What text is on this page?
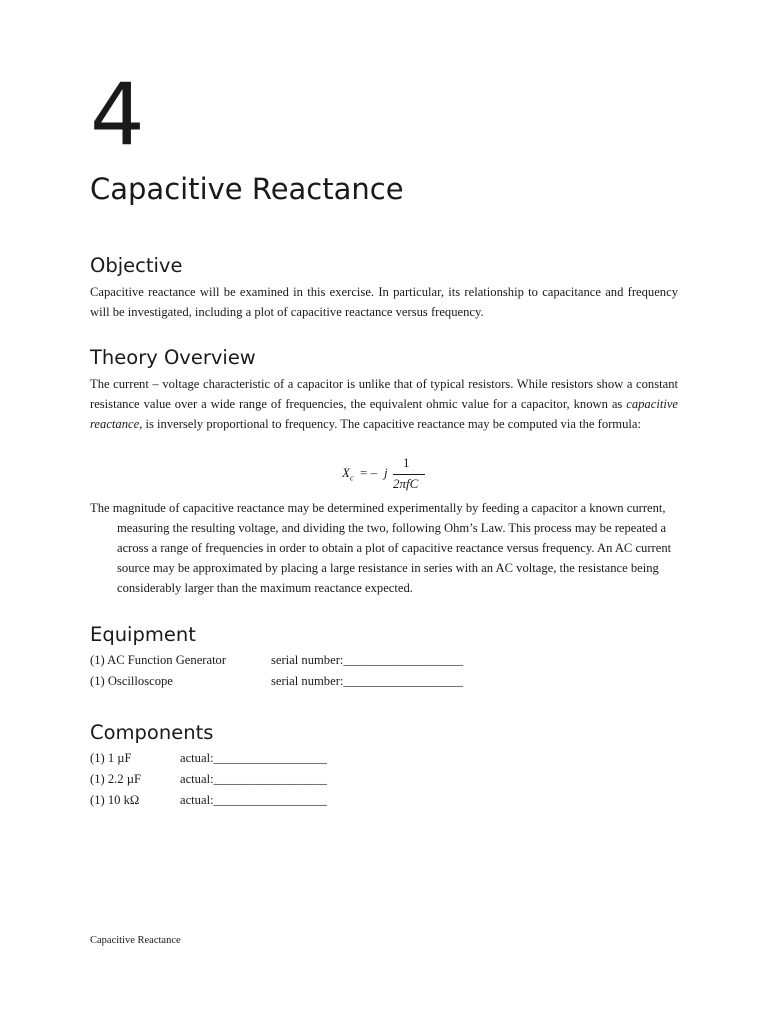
4
Capacitive Reactance
Objective

Capacitive reactance will be examined in this exercise. In particular, its relationship to capacitance and frequency will be investigated, including a plot of capacitive reactance versus frequency.

Theory Overview

The current – voltage characteristic of a capacitor is unlike that of typical resistors. While resistors show a constant resistance value over a wide range of frequencies, the equivalent ohmic value for a capacitor, known as capacitive reactance, is inversely proportional to frequency. The capacitive reactance may be computed via the formula:

$X_c$ = – j
1
2πfC

The magnitude of capacitive reactance may be determined experimentally by feeding a capacitor a known current, measuring the resulting voltage, and dividing the two, following Ohm’s Law. This process may be repeated a across a range of frequencies in order to obtain a plot of capacitive reactance versus frequency. An AC current source may be approximated by placing a large resistance in series with an AC voltage, the resistance being considerably larger than the maximum reactance expected.

Equipment
(1) AC Function Generator	serial number:___________________
(1) Oscilloscope	serial number:___________________
Components
(1) 1 µF	actual:__________________
(1) 2.2 µF	actual:__________________
(1) 10 kΩ	actual:__________________
Capacitive Reactance
